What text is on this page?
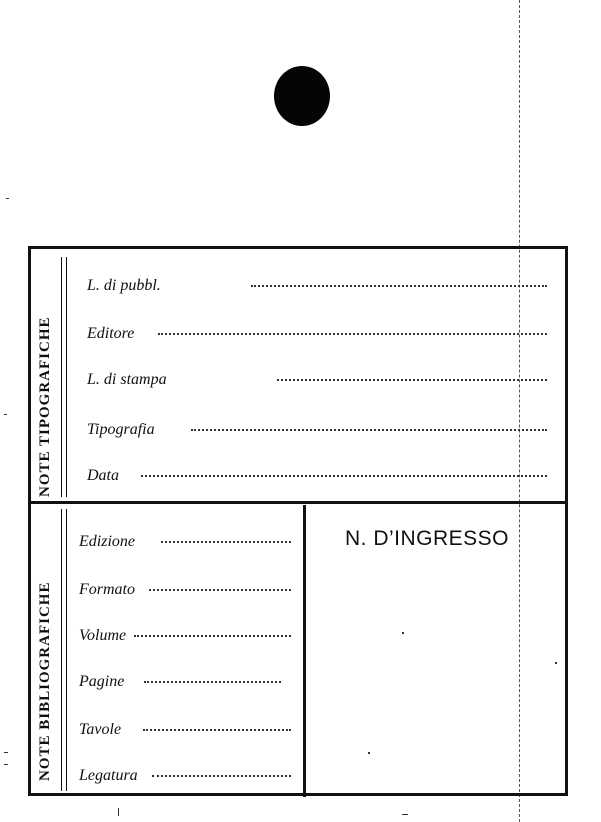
NOTE TIPOGRAFICHE
L. di pubbl.
Editore
L. di stampa
Tipografia
Data
NOTE BIBLIOGRAFICHE
Edizione
Formato
Volume
Pagine
Tavole
Legatura
N. D’INGRESSO
